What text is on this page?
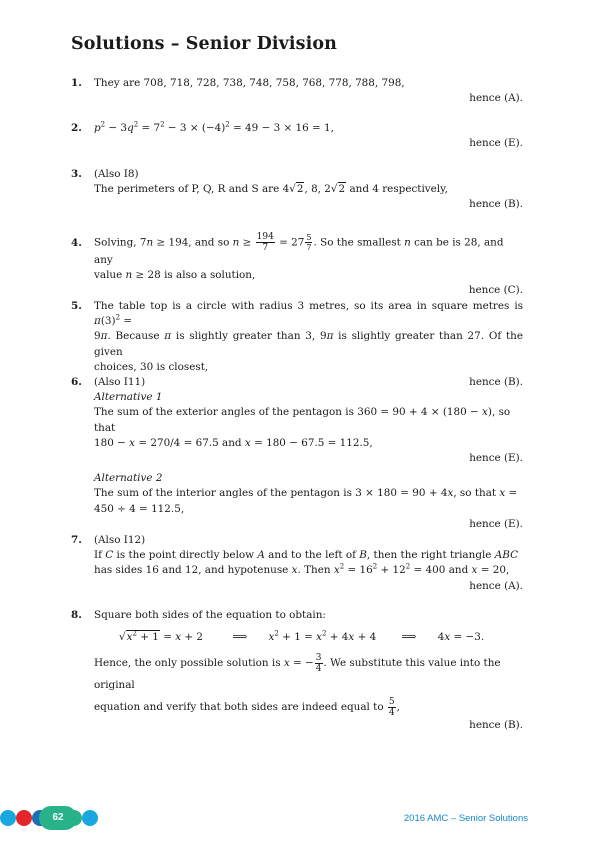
Solutions – Senior Division
1. They are 708, 718, 728, 738, 748, 758, 768, 778, 788, 798,
hence (A).
2. $p^2 - 3q^2 = 7^2 - 3 \times (-4)^2 = 49 - 3 \times 16 = 1$,
hence (E).
3. (Also I8)
The perimeters of P, Q, R and S are 4√2, 8, 2√2 and 4 respectively,
hence (B).
4. Solving, 7n ≥ 194, and so $n \ge \frac{194}{7} = 27 \frac{5}{7}$ . So the smallest n can be is 28, and any
value n ≥ 28 is also a solution,
hence (C).
5. The table top is a circle with radius 3 metres, so its area in square metres is $\pi(3)^2$ =
9π. Because π is slightly greater than 3, 9π is slightly greater than 27. Of the given
choices, 30 is closest,
hence (B).
6. (Also I11)
Alternative 1
The sum of the exterior angles of the pentagon is 360 = 90 + 4 × (180 − x), so that
180 − x = 270/4 = 67.5 and x = 180 − 67.5 = 112.5,
hence (E).
Alternative 2
The sum of the interior angles of the pentagon is 3 × 180 = 90 + 4x, so that x =
450 ÷ 4 = 112.5,
hence (E).
7. (Also I12)
If C is the point directly below A and to the left of B, then the right triangle ABC
has sides 16 and 12, and hypotenuse x. Then $x^2 = 16^2 + 12^2 = 400$ and x = 20,
hence (A).
8. Square both sides of the equation to obtain:
$√x^2 + 1 = x + 2$	⟹ $x^2 + 1 = x^2 + 4x + 4$ ⟹ 4x = −3.
Hence, the only possible solution is x = − $\frac{3}{4}$ . We substitute this value into the original
equation and verify that both sides are indeed equal to $\frac{5}{4}$ ,
hence (B).
62	2016 AMC – Senior Solutions
